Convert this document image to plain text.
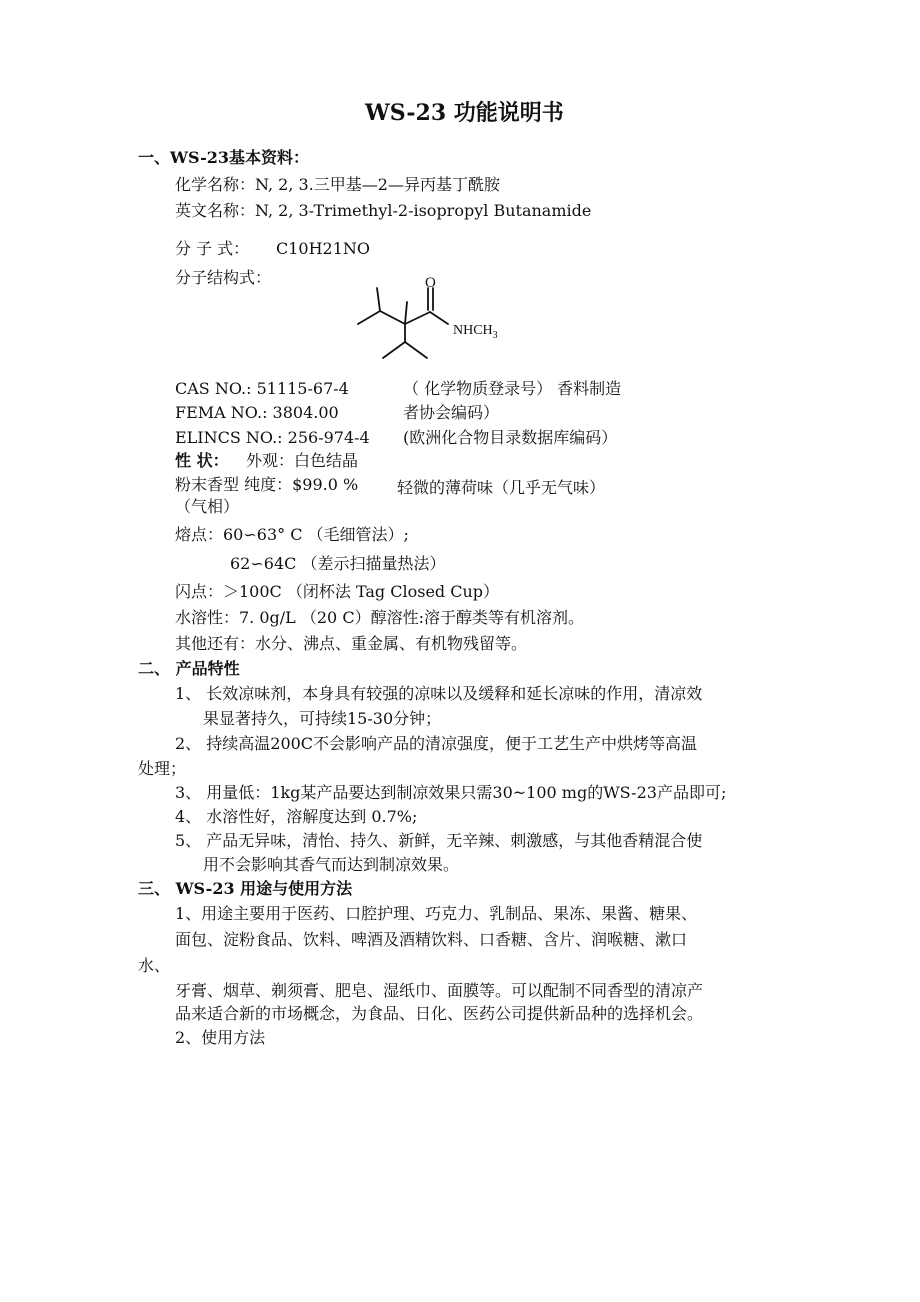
WS-23 功能说明书
一、WS-23基本资料：
化学名称：N, 2, 3.三甲基—2—异丙基丁酰胺
英文名称：N, 2, 3-Trimethyl-2-isopropyl Butanamide
分 子 式： C10H21NO
分子结构式：	O
$NHCH_3$
CAS NO.: 51115-67-4	（ 化学物质登录号） 香料制造
FEMA NO.: 3804.00	者协会编码）
ELINCS NO.: 256-974-4 (欧洲化合物目录数据库编码）
性 状： 外观：白色结晶
粉末香型 纯度：$99.0 % 轻微的薄荷味（几乎无气味）
（气相）
熔点：60∽63° C （毛细管法）;
62∽64C （差示扫描量热法）
闪点：＞100C （闭杯法 Tag Closed Cup）
水溶性：7. 0g/L （20 C）醇溶性:溶于醇类等有机溶剂。
其他还有：水分、沸点、重金属、有机物残留等。
二、 产品特性
1、 长效凉味剂，本身具有较强的凉味以及缓释和延长凉味的作用，清凉效
果显著持久，可持续15-30分钟；
2、 持续高温200C不会影响产品的清凉强度，便于工艺生产中烘烤等高温
处理；
3、 用量低：1kg某产品要达到制凉效果只需30~100 mg的WS-23产品即可;
4、 水溶性好，溶解度达到 0.7%;
5、 产品无异味，清怡、持久、新鲜，无辛辣、刺激感，与其他香精混合使
用不会影响其香气而达到制凉效果。
三、 WS-23 用途与使用方法
1、用途主要用于医药、口腔护理、巧克力、乳制品、果冻、果酱、糖果、
面包、淀粉食品、饮料、啤酒及酒精饮料、口香糖、含片、润喉糖、漱口
水、
牙膏、烟草、剃须膏、肥皂、湿纸巾、面膜等。可以配制不同香型的清凉产
品来适合新的市场概念，为食品、日化、医药公司提供新品种的选择机会。
2、使用方法
